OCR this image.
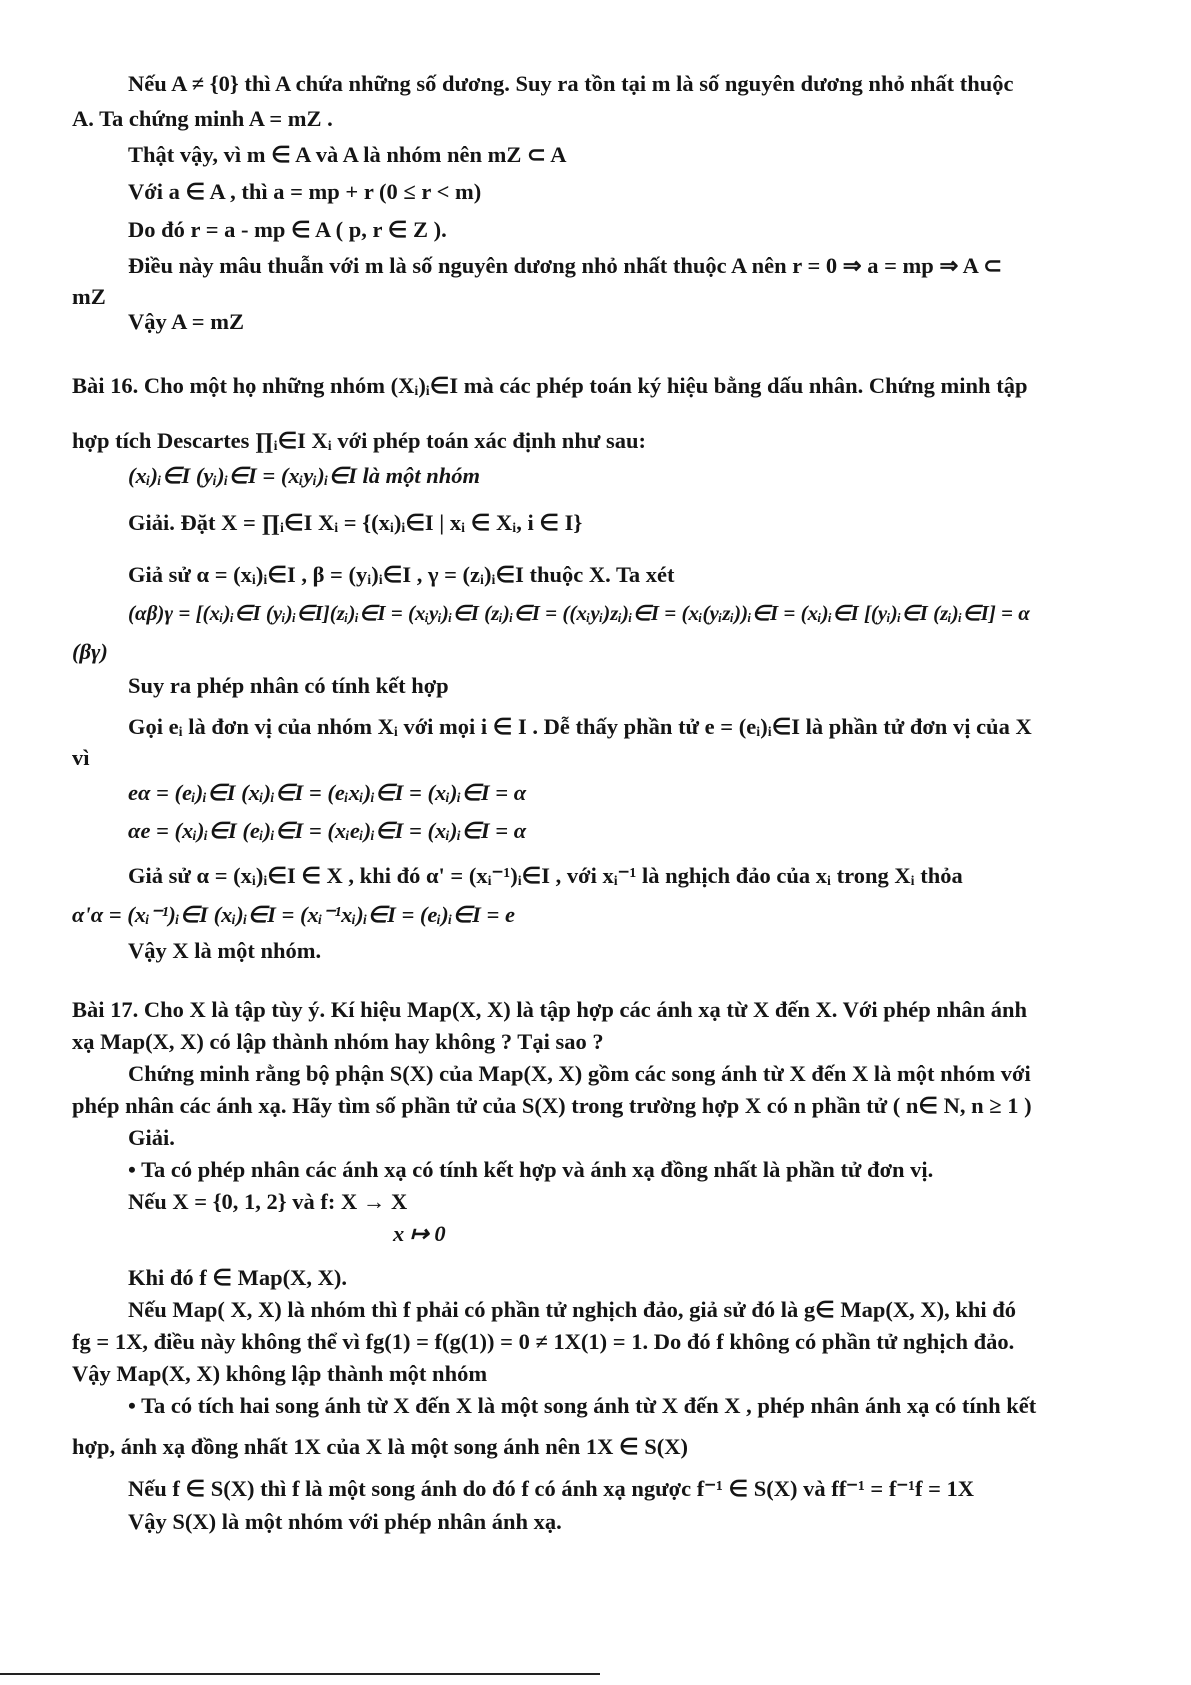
Nếu A ≠ {0} thì A chứa những số dương. Suy ra tồn tại m là số nguyên dương nhỏ nhất thuộc
A. Ta chứng minh A = mZ .
Thật vậy, vì m ∈ A và A là nhóm nên mZ ⊂ A
Với a ∈ A , thì a = mp + r (0 ≤ r < m)
Do đó r = a - mp ∈ A ( p, r ∈ Z ).
Điều này mâu thuẫn với m là số nguyên dương nhỏ nhất thuộc A nên r = 0 ⇒ a = mp ⇒ A ⊂
mZ
Vậy A = mZ
Bài 16. Cho một họ những nhóm (Xᵢ)ᵢ∈I mà các phép toán ký hiệu bằng dấu nhân. Chứng minh tập
hợp tích Descartes ∏ᵢ∈I Xᵢ với phép toán xác định như sau:
(xᵢ)ᵢ∈I (yᵢ)ᵢ∈I = (xᵢyᵢ)ᵢ∈I là một nhóm
Giải. Đặt X = ∏ᵢ∈I Xᵢ = {(xᵢ)ᵢ∈I | xᵢ ∈ Xᵢ, i ∈ I}
Giả sử α = (xᵢ)ᵢ∈I , β = (yᵢ)ᵢ∈I , γ = (zᵢ)ᵢ∈I thuộc X. Ta xét
(αβ)γ = [(xᵢ)ᵢ∈I (yᵢ)ᵢ∈I](zᵢ)ᵢ∈I = (xᵢyᵢ)ᵢ∈I (zᵢ)ᵢ∈I = ((xᵢyᵢ)zᵢ)ᵢ∈I = (xᵢ(yᵢzᵢ))ᵢ∈I = (xᵢ)ᵢ∈I [(yᵢ)ᵢ∈I (zᵢ)ᵢ∈I] = α
(βγ)
Suy ra phép nhân có tính kết hợp
Gọi eᵢ là đơn vị của nhóm Xᵢ với mọi i ∈ I . Dễ thấy phần tử e = (eᵢ)ᵢ∈I là phần tử đơn vị của X
vì
eα = (eᵢ)ᵢ∈I (xᵢ)ᵢ∈I = (eᵢxᵢ)ᵢ∈I = (xᵢ)ᵢ∈I = α
αe = (xᵢ)ᵢ∈I (eᵢ)ᵢ∈I = (xᵢeᵢ)ᵢ∈I = (xᵢ)ᵢ∈I = α
Giả sử α = (xᵢ)ᵢ∈I ∈ X , khi đó α' = (xᵢ⁻¹)ᵢ∈I , với xᵢ⁻¹ là nghịch đảo của xᵢ trong Xᵢ thỏa
α'α = (xᵢ⁻¹)ᵢ∈I (xᵢ)ᵢ∈I = (xᵢ⁻¹xᵢ)ᵢ∈I = (eᵢ)ᵢ∈I = e
Vậy X là một nhóm.
Bài 17. Cho X là tập tùy ý. Kí hiệu Map(X, X) là tập hợp các ánh xạ từ X đến X. Với phép nhân ánh
xạ Map(X, X) có lập thành nhóm hay không ? Tại sao ?
Chứng minh rằng bộ phận S(X) của Map(X, X) gồm các song ánh từ X đến X là một nhóm với
phép nhân các ánh xạ. Hãy tìm số phần tử của S(X) trong trường hợp X có n phần tử ( n∈ N, n ≥ 1 )
Giải.
• Ta có phép nhân các ánh xạ có tính kết hợp và ánh xạ đồng nhất là phần tử đơn vị.
Nếu X = {0, 1, 2} và f: X → X
x ↦ 0
Khi đó f ∈ Map(X, X).
Nếu Map( X, X) là nhóm thì f phải có phần tử nghịch đảo, giả sử đó là g∈ Map(X, X), khi đó
fg = 1X, điều này không thể vì fg(1) = f(g(1)) = 0 ≠ 1X(1) = 1. Do đó f không có phần tử nghịch đảo.
Vậy Map(X, X) không lập thành một nhóm
• Ta có tích hai song ánh từ X đến X là một song ánh từ X đến X , phép nhân ánh xạ có tính kết
hợp, ánh xạ đồng nhất 1X của X là một song ánh nên 1X ∈ S(X)
Nếu f ∈ S(X) thì f là một song ánh do đó f có ánh xạ ngược f⁻¹ ∈ S(X) và ff⁻¹ = f⁻¹f = 1X
Vậy S(X) là một nhóm với phép nhân ánh xạ.
